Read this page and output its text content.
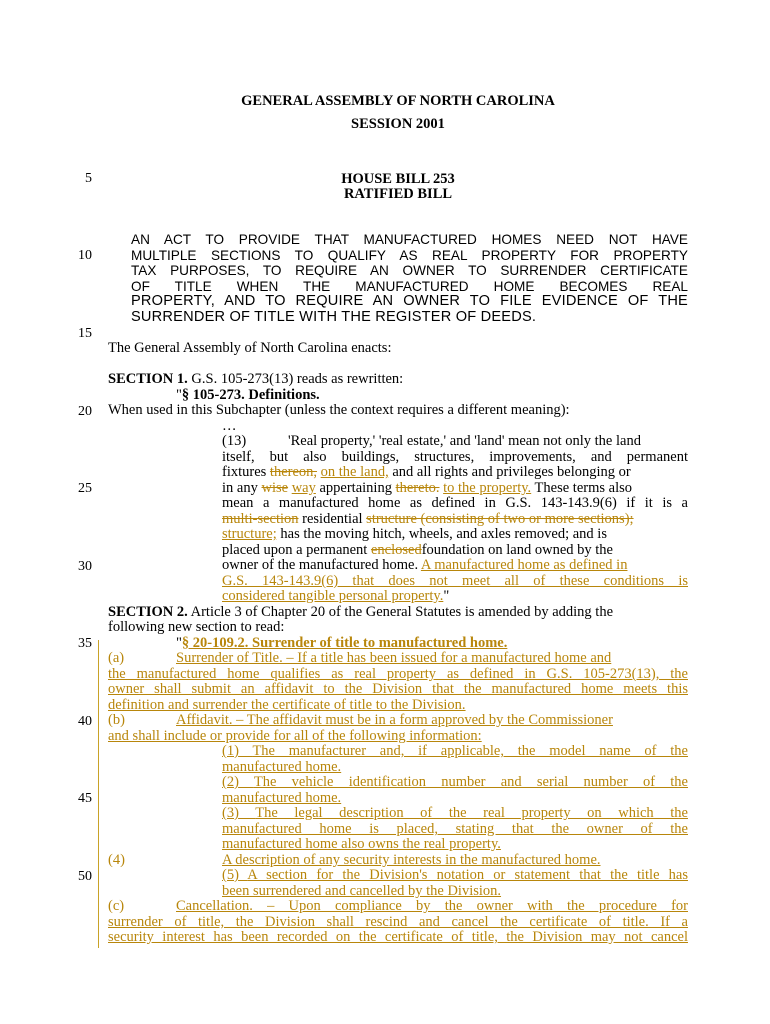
GENERAL ASSEMBLY OF NORTH CAROLINA
SESSION 2001
HOUSE BILL 253
RATIFIED BILL
5
10
15
20
25
30
35
40
45
50
AN ACT TO PROVIDE THAT MANUFACTURED HOMES NEED NOT HAVE
MULTIPLE SECTIONS TO QUALIFY AS REAL PROPERTY FOR PROPERTY
TAX PURPOSES, TO REQUIRE AN OWNER TO SURRENDER CERTIFICATE
OF TITLE WHEN THE MANUFACTURED HOME BECOMES REAL
PROPERTY, AND TO REQUIRE AN OWNER TO FILE EVIDENCE OF THE
SURRENDER OF TITLE WITH THE REGISTER OF DEEDS.
The General Assembly of North Carolina enacts:
SECTION 1. G.S. 105-273(13) reads as rewritten:
"§ 105-273. Definitions.
When used in this Subchapter (unless the context requires a different meaning):
…
(13)	'Real property,' 'real estate,' and 'land' mean not only the land
itself, but also buildings, structures, improvements, and permanent
fixtures thereon, on the land, and all rights and privileges belonging or
in any wise way appertaining thereto. to the property. These terms also
mean a manufactured home as defined in G.S. 143-143.9(6) if it is a
multi-section residential structure (consisting of two or more sections);
structure; has the moving hitch, wheels, and axles removed; and is
placed upon a permanent enclosedfoundation on land owned by the
owner of the manufactured home. A manufactured home as defined in
G.S. 143-143.9(6) that does not meet all of these conditions is
considered tangible personal property."
SECTION 2. Article 3 of Chapter 20 of the General Statutes is amended by adding the
following new section to read:
"§ 20-109.2. Surrender of title to manufactured home.
(a)	Surrender of Title. – If a title has been issued for a manufactured home and
the manufactured home qualifies as real property as defined in G.S. 105-273(13), the
owner shall submit an affidavit to the Division that the manufactured home meets this
definition and surrender the certificate of title to the Division.
(b)	Affidavit. – The affidavit must be in a form approved by the Commissioner
and shall include or provide for all of the following information:
(1) The manufacturer and, if applicable, the model name of the
manufactured home.
(2) The vehicle identification number and serial number of the
manufactured home.
(3) The legal description of the real property on which the
manufactured home is placed, stating that the owner of the
manufactured home also owns the real property.
(4)	A description of any security interests in the manufactured home.
(5) A section for the Division's notation or statement that the title has
been surrendered and cancelled by the Division.
(c)	Cancellation. – Upon compliance by the owner with the procedure for
surrender of title, the Division shall rescind and cancel the certificate of title. If a
security interest has been recorded on the certificate of title, the Division may not cancel
